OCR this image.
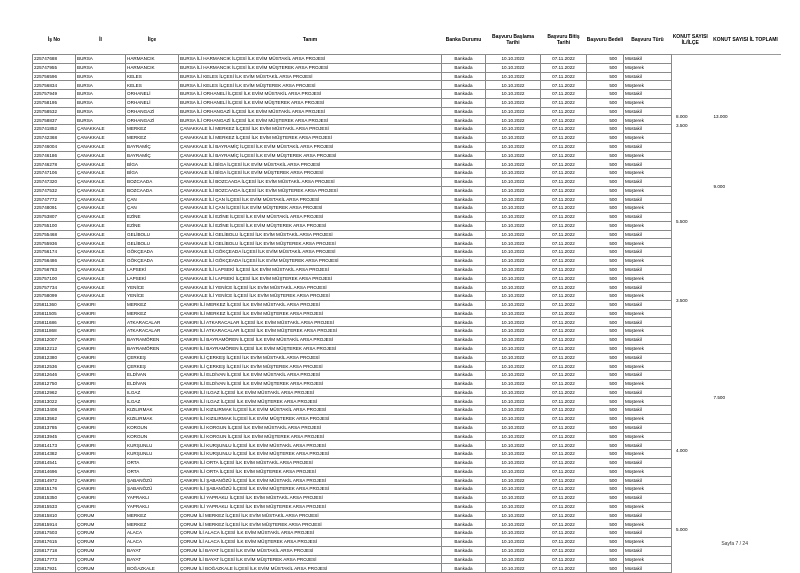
İş No	İl	İlçe	Tanım	Banka Durumu	Başvuru Başlama Tarihi	Başvuru Bitiş Tarihi	Başvuru Bedeli	Başvuru Türü	KONUT SAYISI İL/İLÇE	KONUT SAYISI İL TOPLAMI
225747688	BURSA	HARMANCIK	BURSA İLİ HARMANCIK İLÇESİ İLK EVİM MÜSTAKİL ARSA PROJESİ	Bankada	10.10.2022	07.11.2022	500	Müstakil		
225747955	BURSA	HARMANCIK	BURSA İLİ HARMANCIK İLÇESİ İLK EVİM MÜŞTEREK ARSA PROJESİ	Bankada	10.10.2022	07.11.2022	500	Müşterek		
225756596	BURSA	KELES	BURSA İLİ KELES İLÇESİ İLK EVİM MÜSTAKİL ARSA PROJESİ	Bankada	10.10.2022	07.11.2022	500	Müstakil		
225756834	BURSA	KELES	BURSA İLİ KELES İLÇESİ İLK EVİM MÜŞTEREK ARSA PROJESİ	Bankada	10.10.2022	07.11.2022	500	Müşterek		
225757949	BURSA	ORHANELİ	BURSA İLİ ORHANELİ İLÇESİ İLK EVİM MÜSTAKİL ARSA PROJESİ	Bankada	10.10.2022	07.11.2022	500	Müstakil		
225758195	BURSA	ORHANELİ	BURSA İLİ ORHANELİ İLÇESİ İLK EVİM MÜŞTEREK ARSA PROJESİ	Bankada	10.10.2022	07.11.2022	500	Müşterek		
225758532	BURSA	ORHANGAZİ	BURSA İLİ ORHANGAZİ İLÇESİ İLK EVİM MÜSTAKİL ARSA PROJESİ	Bankada	10.10.2022	07.11.2022	500	Müstakil		
225758837	BURSA	ORHANGAZİ	BURSA İLİ ORHANGAZİ İLÇESİ İLK EVİM MÜŞTEREK ARSA PROJESİ	Bankada	10.10.2022	07.11.2022	500	Müşterek	8.000	13.000

225741852	ÇANAKKALE	MERKEZ	ÇANAKKALE İLİ MERKEZ İLÇESİ İLK EVİM MÜSTAKİL ARSA PROJESİ	Bankada	10.10.2022	07.11.2022	500	Müstakil	3.500	

225742368	ÇANAKKALE	MERKEZ	ÇANAKKALE İLİ MERKEZ İLÇESİ İLK EVİM MÜŞTEREK ARSA PROJESİ	Bankada	10.10.2022	07.11.2022	500	Müşterek		
225746004	ÇANAKKALE	BAYRAMİÇ	ÇANAKKALE İLİ BAYRAMİÇ İLÇESİ İLK EVİM MÜSTAKİL ARSA PROJESİ	Bankada	10.10.2022	07.11.2022	500	Müstakil		
225746186	ÇANAKKALE	BAYRAMİÇ	ÇANAKKALE İLİ BAYRAMİÇ İLÇESİ İLK EVİM MÜŞTEREK ARSA PROJESİ	Bankada	10.10.2022	07.11.2022	500	Müşterek		
225746278	ÇANAKKALE	BİGA	ÇANAKKALE İLİ BİGA İLÇESİ İLK EVİM MÜSTAKİL ARSA PROJESİ	Bankada	10.10.2022	07.11.2022	500	Müstakil		
225747106	ÇANAKKALE	BİGA	ÇANAKKALE İLİ BİGA İLÇESİ İLK EVİM MÜŞTEREK ARSA PROJESİ	Bankada	10.10.2022	07.11.2022	500	Müşterek		
225747320	ÇANAKKALE	BOZCAADA	ÇANAKKALE İLİ BOZCAADA İLÇESİ İLK EVİM MÜSTAKİL ARSA PROJESİ	Bankada	10.10.2022	07.11.2022	500	Müstakil		
225747532	ÇANAKKALE	BOZCAADA	ÇANAKKALE İLİ BOZCAADA İLÇESİ İLK EVİM MÜŞTEREK ARSA PROJESİ	Bankada	10.10.2022	07.11.2022	500	Müşterek		9.000

225747772	ÇANAKKALE	ÇAN	ÇANAKKALE İLİ ÇAN İLÇESİ İLK EVİM MÜSTAKİL ARSA PROJESİ	Bankada	10.10.2022	07.11.2022	500	Müstakil		
225748091	ÇANAKKALE	ÇAN	ÇANAKKALE İLİ ÇAN İLÇESİ İLK EVİM MÜŞTEREK ARSA PROJESİ	Bankada	10.10.2022	07.11.2022	500	Müşterek		
225753807	ÇANAKKALE	EZİNE	ÇANAKKALE İLİ EZİNE İLÇESİ İLK EVİM MÜSTAKİL ARSA PROJESİ	Bankada	10.10.2022	07.11.2022	500	Müstakil		
225755100	ÇANAKKALE	EZİNE	ÇANAKKALE İLİ EZİNE İLÇESİ İLK EVİM MÜŞTEREK ARSA PROJESİ	Bankada	10.10.2022	07.11.2022	500	Müşterek	5.500	

225755468	ÇANAKKALE	GELİBOLU	ÇANAKKALE İLİ GELİBOLU İLÇESİ İLK EVİM MÜSTAKİL ARSA PROJESİ	Bankada	10.10.2022	07.11.2022	500	Müstakil		
225755936	ÇANAKKALE	GELİBOLU	ÇANAKKALE İLİ GELİBOLU İLÇESİ İLK EVİM MÜŞTEREK ARSA PROJESİ	Bankada	10.10.2022	07.11.2022	500	Müşterek		
225756174	ÇANAKKALE	GÖKÇEADA	ÇANAKKALE İLİ GÖKÇEADA İLÇESİ İLK EVİM MÜSTAKİL ARSA PROJESİ	Bankada	10.10.2022	07.11.2022	500	Müstakil		
225756486	ÇANAKKALE	GÖKÇEADA	ÇANAKKALE İLİ GÖKÇEADA İLÇESİ İLK EVİM MÜŞTEREK ARSA PROJESİ	Bankada	10.10.2022	07.11.2022	500	Müşterek		
225756783	ÇANAKKALE	LAPSEKİ	ÇANAKKALE İLİ LAPSEKİ İLÇESİ İLK EVİM MÜSTAKİL ARSA PROJESİ	Bankada	10.10.2022	07.11.2022	500	Müstakil		
225757100	ÇANAKKALE	LAPSEKİ	ÇANAKKALE İLİ LAPSEKİ İLÇESİ İLK EVİM MÜŞTEREK ARSA PROJESİ	Bankada	10.10.2022	07.11.2022	500	Müşterek		
225757734	ÇANAKKALE	YENİCE	ÇANAKKALE İLİ YENİCE İLÇESİ İLK EVİM MÜSTAKİL ARSA PROJESİ	Bankada	10.10.2022	07.11.2022	500	Müstakil		
225758099	ÇANAKKALE	YENİCE	ÇANAKKALE İLİ YENİCE İLÇESİ İLK EVİM MÜŞTEREK ARSA PROJESİ	Bankada	10.10.2022	07.11.2022	500	Müşterek		
225811360	ÇANKIRI	MERKEZ	ÇANKIRI İLİ MERKEZ İLÇESİ İLK EVİM MÜSTAKİL ARSA PROJESİ	Bankada	10.10.2022	07.11.2022	500	Müstakil	3.500	

225811505	ÇANKIRI	MERKEZ	ÇANKIRI İLİ MERKEZ İLÇESİ İLK EVİM MÜŞTEREK ARSA PROJESİ	Bankada	10.10.2022	07.11.2022	500	Müşterek		
225811686	ÇANKIRI	ATKARACALAR	ÇANKIRI İLİ ATKARACALAR İLÇESİ İLK EVİM MÜSTAKİL ARSA PROJESİ	Bankada	10.10.2022	07.11.2022	500	Müstakil		
225811868	ÇANKIRI	ATKARACALAR	ÇANKIRI İLİ ATKARACALAR İLÇESİ İLK EVİM MÜŞTEREK ARSA PROJESİ	Bankada	10.10.2022	07.11.2022	500	Müşterek		
225812007	ÇANKIRI	BAYRAMÖREN	ÇANKIRI İLİ BAYRAMÖREN İLÇESİ İLK EVİM MÜSTAKİL ARSA PROJESİ	Bankada	10.10.2022	07.11.2022	500	Müstakil		
225812212	ÇANKIRI	BAYRAMÖREN	ÇANKIRI İLİ BAYRAMÖREN İLÇESİ İLK EVİM MÜŞTEREK ARSA PROJESİ	Bankada	10.10.2022	07.11.2022	500	Müşterek		
225812380	ÇANKIRI	ÇERKEŞ	ÇANKIRI İLİ ÇERKEŞ İLÇESİ İLK EVİM MÜSTAKİL ARSA PROJESİ	Bankada	10.10.2022	07.11.2022	500	Müstakil		
225812536	ÇANKIRI	ÇERKEŞ	ÇANKIRI İLİ ÇERKEŞ İLÇESİ İLK EVİM MÜŞTEREK ARSA PROJESİ	Bankada	10.10.2022	07.11.2022	500	Müşterek		
225812646	ÇANKIRI	ELDİVAN	ÇANKIRI İLİ ELDİVAN İLÇESİ İLK EVİM MÜSTAKİL ARSA PROJESİ	Bankada	10.10.2022	07.11.2022	500	Müstakil		
225812750	ÇANKIRI	ELDİVAN	ÇANKIRI İLİ ELDİVAN İLÇESİ İLK EVİM MÜŞTEREK ARSA PROJESİ	Bankada	10.10.2022	07.11.2022	500	Müşterek		
225812962	ÇANKIRI	ILGAZ	ÇANKIRI İLİ ILGAZ İLÇESİ İLK EVİM MÜSTAKİL ARSA PROJESİ	Bankada	10.10.2022	07.11.2022	500	Müstakil		
225813022	ÇANKIRI	ILGAZ	ÇANKIRI İLİ ILGAZ İLÇESİ İLK EVİM MÜŞTEREK ARSA PROJESİ	Bankada	10.10.2022	07.11.2022	500	Müşterek		7.500

225813408	ÇANKIRI	KIZILIRMAK	ÇANKIRI İLİ KIZILIRMAK İLÇESİ İLK EVİM MÜSTAKİL ARSA PROJESİ	Bankada	10.10.2022	07.11.2022	500	Müstakil		
225813562	ÇANKIRI	KIZILIRMAK	ÇANKIRI İLİ KIZILIRMAK İLÇESİ İLK EVİM MÜŞTEREK ARSA PROJESİ	Bankada	10.10.2022	07.11.2022	500	Müşterek		
225813785	ÇANKIRI	KORGUN	ÇANKIRI İLİ KORGUN İLÇESİ İLK EVİM MÜSTAKİL ARSA PROJESİ	Bankada	10.10.2022	07.11.2022	500	Müstakil		
225813945	ÇANKIRI	KORGUN	ÇANKIRI İLİ KORGUN İLÇESİ İLK EVİM MÜŞTEREK ARSA PROJESİ	Bankada	10.10.2022	07.11.2022	500	Müşterek		
225814173	ÇANKIRI	KURŞUNLU	ÇANKIRI İLİ KURŞUNLU İLÇESİ İLK EVİM MÜSTAKİL ARSA PROJESİ	Bankada	10.10.2022	07.11.2022	500	Müstakil		
225814382	ÇANKIRI	KURŞUNLU	ÇANKIRI İLİ KURŞUNLU İLÇESİ İLK EVİM MÜŞTEREK ARSA PROJESİ	Bankada	10.10.2022	07.11.2022	500	Müşterek	4.000	

225814541	ÇANKIRI	ORTA	ÇANKIRI İLİ ORTA İLÇESİ İLK EVİM MÜSTAKİL ARSA PROJESİ	Bankada	10.10.2022	07.11.2022	500	Müstakil		
225814696	ÇANKIRI	ORTA	ÇANKIRI İLİ ORTA İLÇESİ İLK EVİM MÜŞTEREK ARSA PROJESİ	Bankada	10.10.2022	07.11.2022	500	Müşterek		
225814972	ÇANKIRI	ŞABANÖZÜ	ÇANKIRI İLİ ŞABANÖZÜ İLÇESİ İLK EVİM MÜSTAKİL ARSA PROJESİ	Bankada	10.10.2022	07.11.2022	500	Müstakil		
225815176	ÇANKIRI	ŞABANÖZÜ	ÇANKIRI İLİ ŞABANÖZÜ İLÇESİ İLK EVİM MÜŞTEREK ARSA PROJESİ	Bankada	10.10.2022	07.11.2022	500	Müşterek		
225815350	ÇANKIRI	YAPRAKLI	ÇANKIRI İLİ YAPRAKLI İLÇESİ İLK EVİM MÜSTAKİL ARSA PROJESİ	Bankada	10.10.2022	07.11.2022	500	Müstakil		
225815533	ÇANKIRI	YAPRAKLI	ÇANKIRI İLİ YAPRAKLI İLÇESİ İLK EVİM MÜŞTEREK ARSA PROJESİ	Bankada	10.10.2022	07.11.2022	500	Müşterek		
225815810	ÇORUM	MERKEZ	ÇORUM İLİ MERKEZ İLÇESİ İLK EVİM MÜSTAKİL ARSA PROJESİ	Bankada	10.10.2022	07.11.2022	500	Müstakil		
225815914	ÇORUM	MERKEZ	ÇORUM İLİ MERKEZ İLÇESİ İLK EVİM MÜŞTEREK ARSA PROJESİ	Bankada	10.10.2022	07.11.2022	500	Müşterek		
225817503	ÇORUM	ALACA	ÇORUM İLİ ALACA İLÇESİ İLK EVİM MÜSTAKİL ARSA PROJESİ	Bankada	10.10.2022	07.11.2022	500	Müstakil	5.000	

225817615	ÇORUM	ALACA	ÇORUM İLİ ALACA İLÇESİ İLK EVİM MÜŞTEREK ARSA PROJESİ	Bankada	10.10.2022	07.11.2022	500	Müşterek		
225817718	ÇORUM	BAYAT	ÇORUM İLİ BAYAT İLÇESİ İLK EVİM MÜSTAKİL ARSA PROJESİ	Bankada	10.10.2022	07.11.2022	500	Müstakil		
225817773	ÇORUM	BAYAT	ÇORUM İLİ BAYAT İLÇESİ İLK EVİM MÜŞTEREK ARSA PROJESİ	Bankada	10.10.2022	07.11.2022	500	Müşterek		
225817931	ÇORUM	BOĞAZKALE	ÇORUM İLİ BOĞAZKALE İLÇESİ İLK EVİM MÜSTAKİL ARSA PROJESİ	Bankada	10.10.2022	07.11.2022	500	Müstakil		
Sayfa 7 / 24
